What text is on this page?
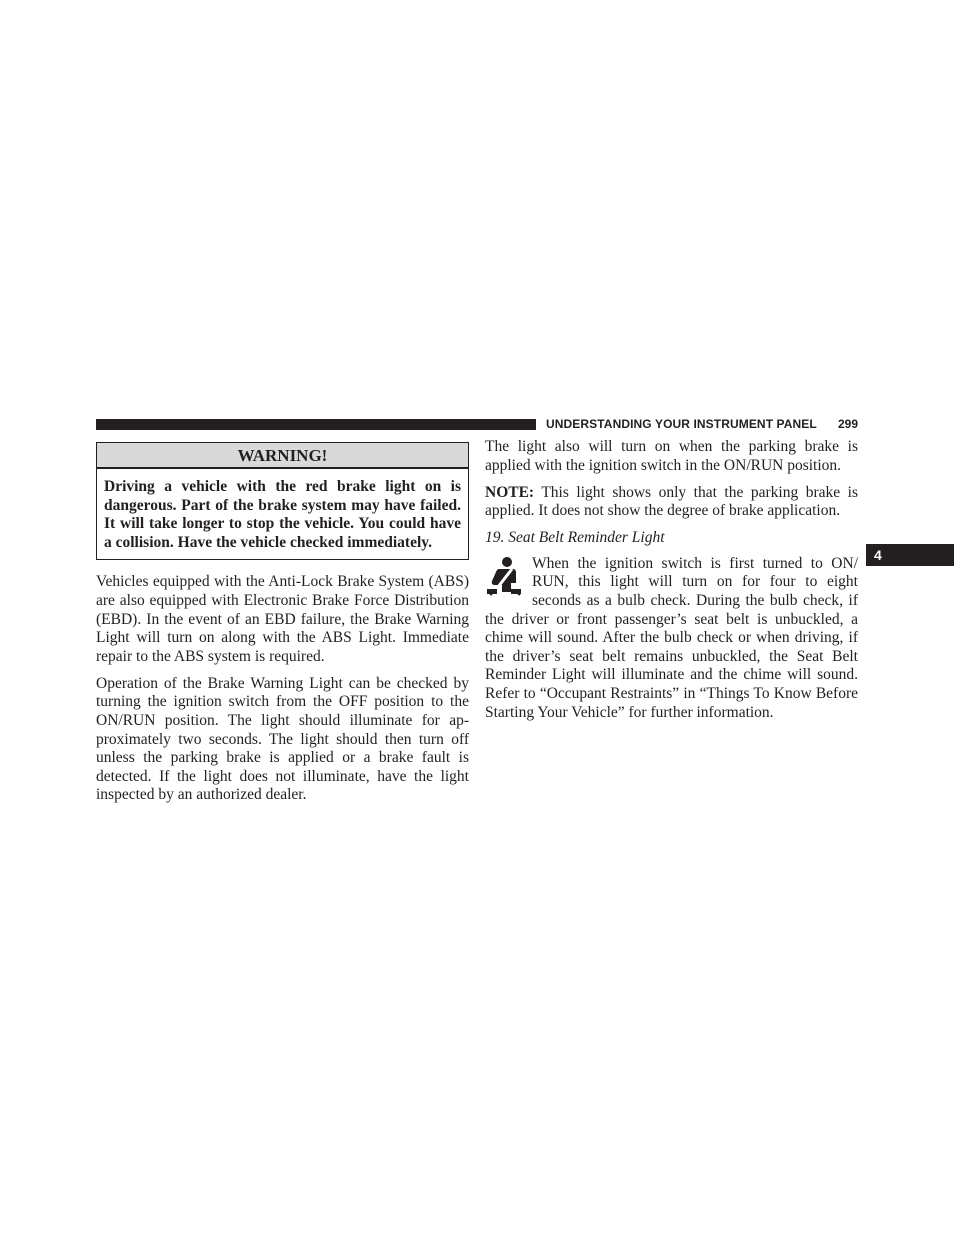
UNDERSTANDING YOUR INSTRUMENT PANEL 299
4
WARNING!
Driving a vehicle with the red brake light on is dangerous. Part of the brake system may have failed. It will take longer to stop the vehicle. You could have a collision. Have the vehicle checked immediately.

Vehicles equipped with the Anti-Lock Brake System (ABS) are also equipped with Electronic Brake Force Distribution (EBD). In the event of an EBD failure, the Brake Warning Light will turn on along with the ABS Light. Immediate repair to the ABS system is required.

Operation of the Brake Warning Light can be checked by turning the ignition switch from the OFF position to the ON/RUN position. The light should illuminate for approximately two seconds. The light should then turn off unless the parking brake is applied or a brake fault is detected. If the light does not illuminate, have the light inspected by an authorized dealer.

The light also will turn on when the parking brake is applied with the ignition switch in the ON/RUN position.

NOTE: This light shows only that the parking brake is applied. It does not show the degree of brake application.

19. Seat Belt Reminder Light

When the ignition switch is first turned to ON/ RUN, this light will turn on for four to eight seconds as a bulb check. During the bulb check, if the driver or front passenger’s seat belt is unbuckled, a chime will sound. After the bulb check or when driving, if the driver’s seat belt remains unbuckled, the Seat Belt Reminder Light will illuminate and the chime will sound. Refer to “Occupant Restraints” in “Things To Know Before Starting Your Vehicle” for further information.
